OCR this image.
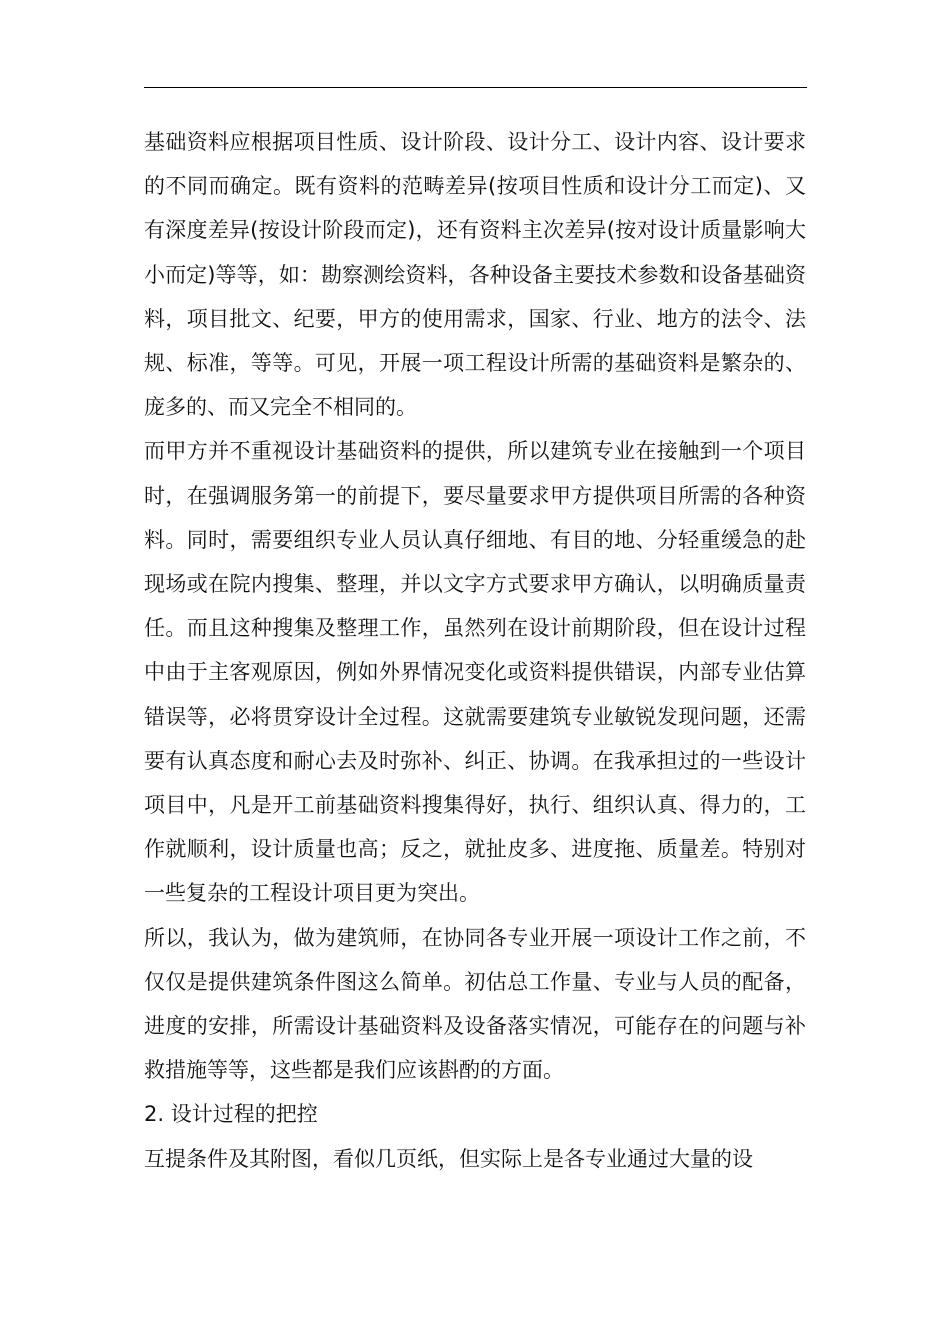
基础资料应根据项目性质、设计阶段、设计分工、设计内容、设计要求的不同而确定。既有资料的范畴差异(按项目性质和设计分工而定)、又有深度差异(按设计阶段而定)，还有资料主次差异(按对设计质量影响大小而定)等等，如：勘察测绘资料，各种设备主要技术参数和设备基础资料，项目批文、纪要，甲方的使用需求，国家、行业、地方的法令、法规、标准，等等。可见，开展一项工程设计所需的基础资料是繁杂的、庞多的、而又完全不相同的。

而甲方并不重视设计基础资料的提供，所以建筑专业在接触到一个项目时，在强调服务第一的前提下，要尽量要求甲方提供项目所需的各种资料。同时，需要组织专业人员认真仔细地、有目的地、分轻重缓急的赴现场或在院内搜集、整理，并以文字方式要求甲方确认，以明确质量责任。而且这种搜集及整理工作，虽然列在设计前期阶段，但在设计过程中由于主客观原因，例如外界情况变化或资料提供错误，内部专业估算错误等，必将贯穿设计全过程。这就需要建筑专业敏锐发现问题，还需要有认真态度和耐心去及时弥补、纠正、协调。在我承担过的一些设计项目中，凡是开工前基础资料搜集得好，执行、组织认真、得力的，工作就顺利，设计质量也高；反之，就扯皮多、进度拖、质量差。特别对一些复杂的工程设计项目更为突出。

所以，我认为，做为建筑师，在协同各专业开展一项设计工作之前，不仅仅是提供建筑条件图这么简单。初估总工作量、专业与人员的配备，进度的安排，所需设计基础资料及设备落实情况，可能存在的问题与补救措施等等，这些都是我们应该斟酌的方面。

2. 设计过程的把控

互提条件及其附图，看似几页纸，但实际上是各专业通过大量的设
